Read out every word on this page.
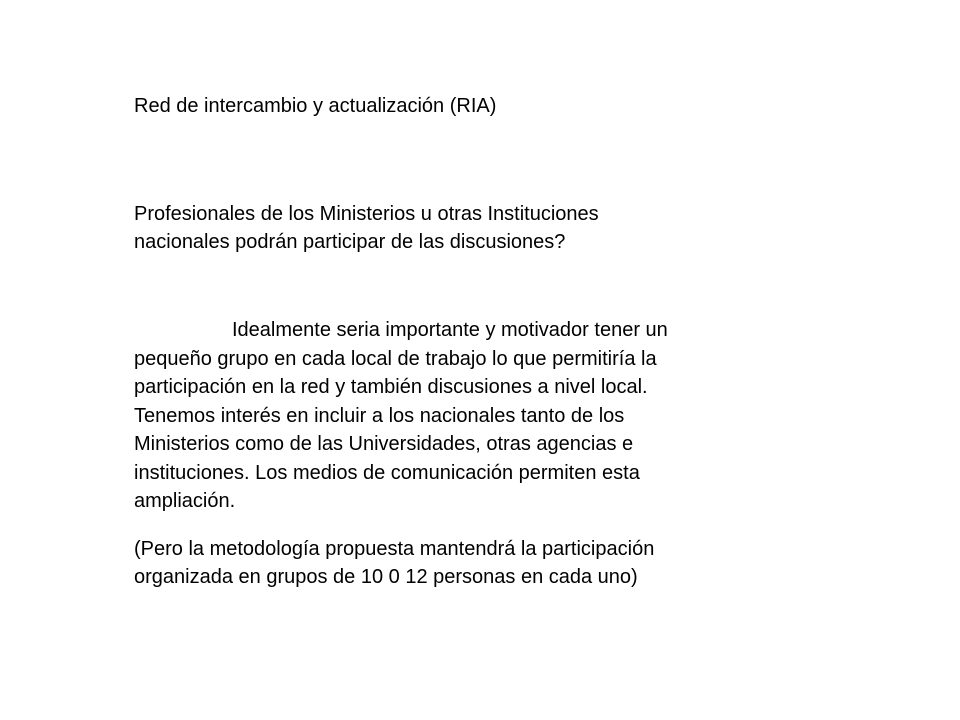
Red de intercambio y actualización (RIA)
Profesionales de los Ministerios u otras Instituciones
nacionales podrán participar de las discusiones?
Idealmente seria importante y motivador tener un
pequeño grupo en cada local de trabajo lo que permitiría la
participación en la red y también discusiones a nivel local.
Tenemos interés en incluir a los nacionales tanto de los
Ministerios como de las Universidades, otras agencias e
instituciones. Los medios de comunicación permiten esta
ampliación.
(Pero la metodología propuesta mantendrá la participación
organizada en grupos de 10 0 12 personas en cada uno)
